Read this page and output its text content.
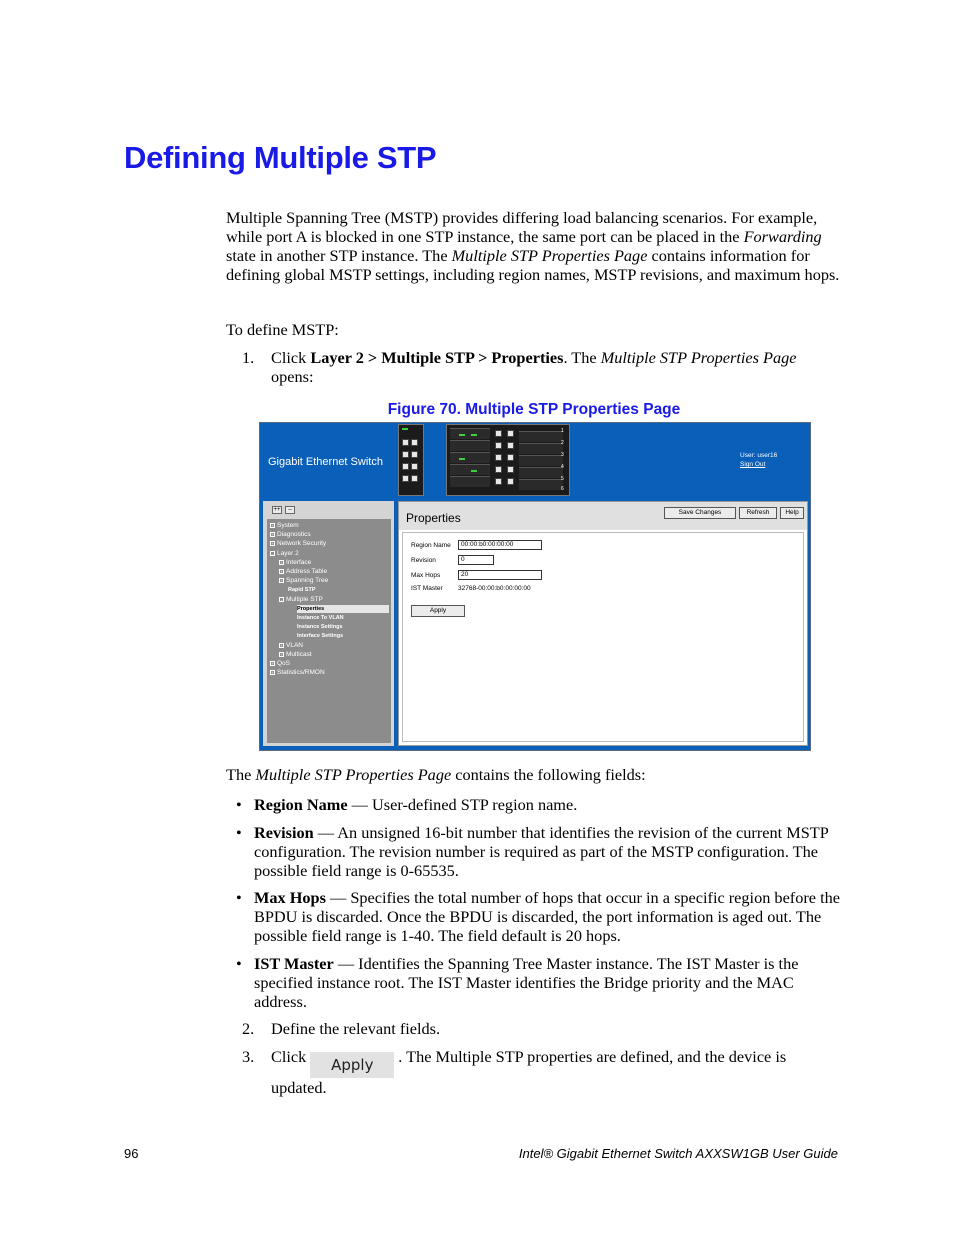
Defining Multiple STP
Multiple Spanning Tree (MSTP) provides differing load balancing scenarios. For example, while port A is blocked in one STP instance, the same port can be placed in the Forwarding state in another STP instance. The Multiple STP Properties Page contains information for defining global MSTP settings, including region names, MSTP revisions, and maximum hops.
To define MSTP:
1. Click Layer 2 > Multiple STP > Properties. The Multiple STP Properties Page opens:
Figure 70. Multiple STP Properties Page
Gigabit Ethernet Switch
1
2
3
4
5
6
User: user16
Sign Out
++	--
+ System
+ Diagnostics
+ Network Security
- Layer 2
+ Interface
+ Address Table
+ Spanning Tree
Rapid STP
- Multiple STP
Properties
Instance To VLAN
Instance Settings
Interface Settings
+ VLAN
+ Multicast
+ QoS
+ Statistics/RMON
Properties	Save Changes	Refresh	Help
Region Name	00:00:b0:00:00:00
Revision	0
Max Hops	20
IST Master 32768-00:00:b0:00:00:00
Apply
The Multiple STP Properties Page contains the following fields:
• Region Name — User-defined STP region name.
• Revision — An unsigned 16-bit number that identifies the revision of the current MSTP configuration. The revision number is required as part of the MSTP configuration. The possible field range is 0-65535.
• Max Hops — Specifies the total number of hops that occur in a specific region before the BPDU is discarded. Once the BPDU is discarded, the port information is aged out. The possible field range is 1-40. The field default is 20 hops.
• IST Master — Identifies the Spanning Tree Master instance. The IST Master is the specified instance root. The IST Master identifies the Bridge priority and the MAC address.
2. Define the relevant fields.
3. Click Apply . The Multiple STP properties are defined, and the device is updated.
96	Intel® Gigabit Ethernet Switch AXXSW1GB User Guide
